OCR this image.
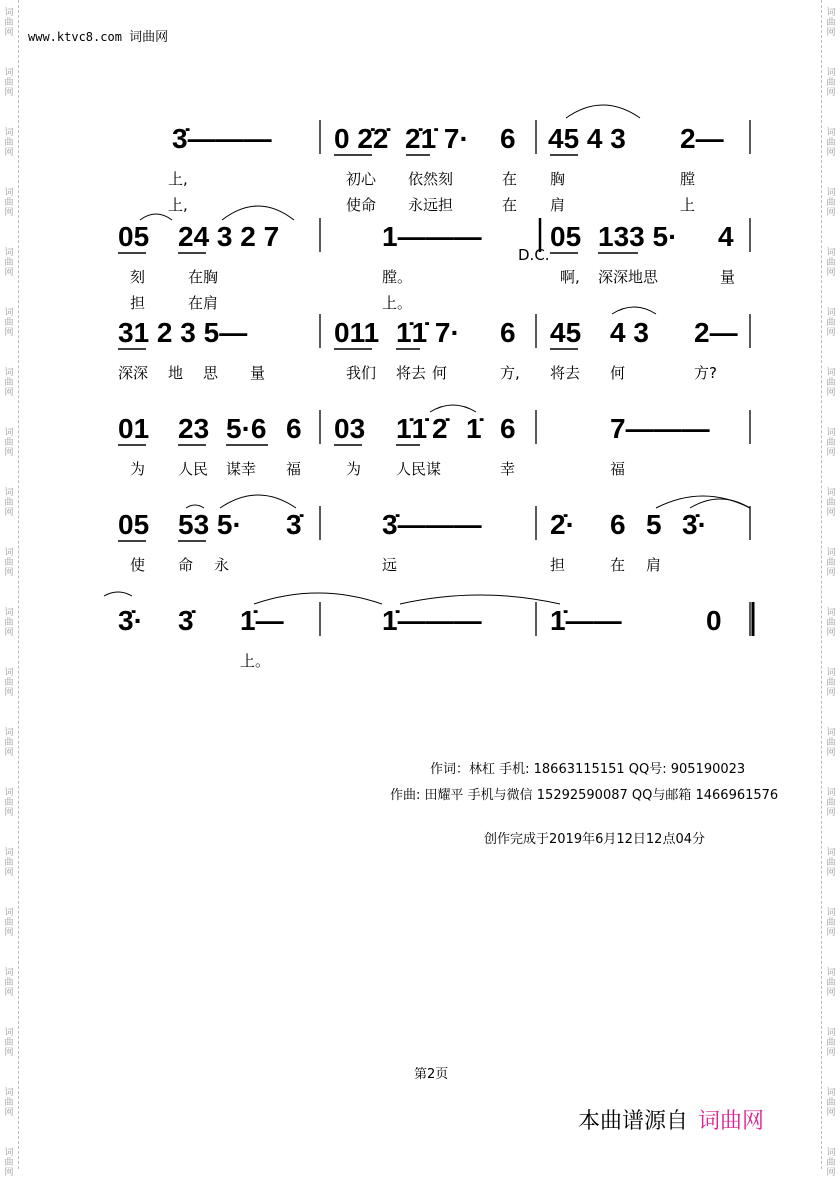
词
曲
网
词
曲
网
词
曲
网
词
曲
网
词
曲
网
词
曲
网
词
曲
网
词
曲
网
词
曲
网
词
曲
网
词
曲
网
词
曲
网
词
曲
网
词
曲
网
词
曲
网
词
曲
网
词
曲
网
词
曲
网
词
曲
网
词
曲
网
词
曲
网
词
曲
网
词
曲
网
词
曲
网
词
曲
网
词
曲
网
词
曲
网
词
曲
网
词
曲
网
词
曲
网
词
曲
网
词
曲
网
词
曲
网
词
曲
网
词
曲
网
词
曲
网
词
曲
网
词
曲
网
词
曲
网
词
曲
网
www.ktvc8.com 词曲网
3̇——— 0 2̇2̇ 2̇1̇ 7· 6 45 4 3 2—
上,	初心 依然刻	在 胸	膛
上,	使命 永远担	在 肩	上
05 24 3 2 7	1———
D.C.
05 133 5· 4
刻	在胸	膛。	啊, 深深地思	量
担	在肩	上。
31 2 3 5—	011 1̇1̇ 7· 6 45 4 3 2—
深深 地 思 量	我们 将去 何	方, 将去 何	方?
01 23 5·6 6 03 1̇1̇ 2̇ 1̇ 6	7———
为 人民 谋幸 福	为 人民谋	幸	福
05 53 5· 3̇	3̇——— 2̇· 6 5 3̇·
使 命 永	远	担	在 肩
3̇· 3̇ 1̇—	1̇——— 1̇——	0
上。
作词：林杠 手机: 18663115151 QQ号: 905190023
作曲: 田耀平 手机与微信 15292590087 QQ与邮箱 1466961576
创作完成于2019年6月12日12点04分
第2页
本曲谱源自 词曲网
